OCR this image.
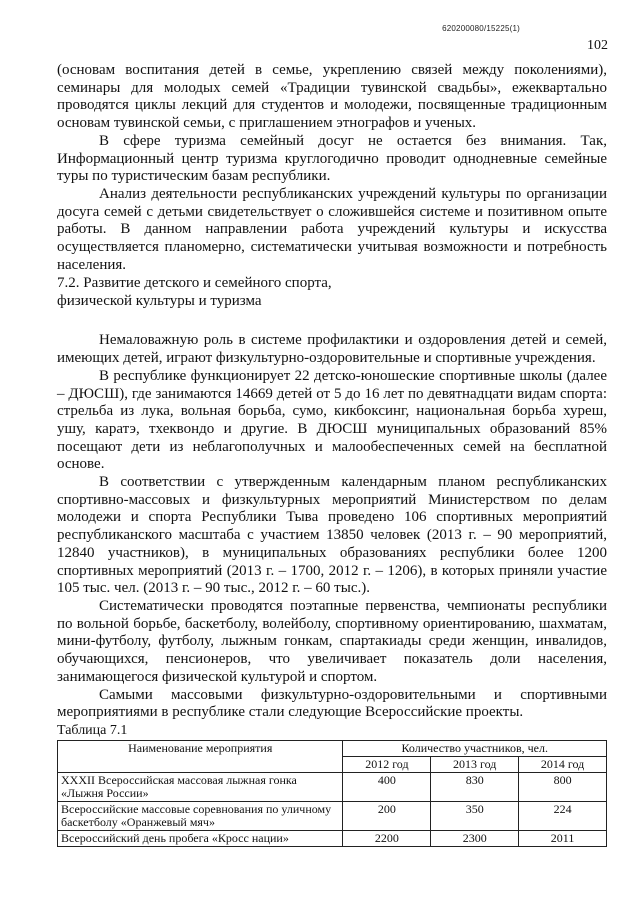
620200080/15225(1)
102

(основам воспитания детей в семье, укреплению связей между поколениями), семинары для молодых семей «Традиции тувинской свадьбы», ежеквартально проводятся циклы лекций для студентов и молодежи, посвященные традиционным основам тувинской семьи, с приглашением этнографов и ученых.

В сфере туризма семейный досуг не остается без внимания. Так, Информационный центр туризма круглогодично проводит однодневные семейные туры по туристическим базам республики.

Анализ деятельности республиканских учреждений культуры по организации досуга семей с детьми свидетельствует о сложившейся системе и позитивном опыте работы. В данном направлении работа учреждений культуры и искусства осуществляется планомерно, систематически учитывая возможности и потребность населения.

7.2. Развитие детского и семейного спорта,

физической культуры и туризма

Немаловажную роль в системе профилактики и оздоровления детей и семей, имеющих детей, играют физкультурно-оздоровительные и спортивные учреждения.

В республике функционирует 22 детско-юношеские спортивные школы (далее – ДЮСШ), где занимаются 14669 детей от 5 до 16 лет по девятнадцати видам спорта: стрельба из лука, вольная борьба, сумо, кикбоксинг, национальная борьба хуреш, ушу, каратэ, тхеквондо и другие. В ДЮСШ муниципальных образований 85% посещают дети из неблагополучных и малообеспеченных семей на бесплатной основе.

В соответствии с утвержденным календарным планом республиканских спортивно-массовых и физкультурных мероприятий Министерством по делам молодежи и спорта Республики Тыва проведено 106 спортивных мероприятий республиканского масштаба с участием 13850 человек (2013 г. – 90 мероприятий, 12840 участников), в муниципальных образованиях республики более 1200 спортивных мероприятий (2013 г. – 1700, 2012 г. – 1206), в которых приняли участие 105 тыс. чел. (2013 г. – 90 тыс., 2012 г. – 60 тыс.).

Систематически проводятся поэтапные первенства, чемпионаты республики по вольной борьбе, баскетболу, волейболу, спортивному ориентированию, шахматам, мини-футболу, футболу, лыжным гонкам, спартакиады среди женщин, инвалидов, обучающихся, пенсионеров, что увеличивает показатель доли населения, занимающегося физической культурой и спортом.

Самыми массовыми физкультурно-оздоровительными и спортивными мероприятиями в республике стали следующие Всероссийские проекты.

Таблица 7.1

Наименование мероприятия	Количество участников, чел.		
	2012 год	2013 год	2014 год
XXXII Всероссийская массовая лыжная гонка «Лыжня России»	400	830	800
Всероссийские массовые соревнования по уличному баскетболу «Оранжевый мяч»	200	350	224
Всероссийский день пробега «Кросс нации»	2200	2300	2011
